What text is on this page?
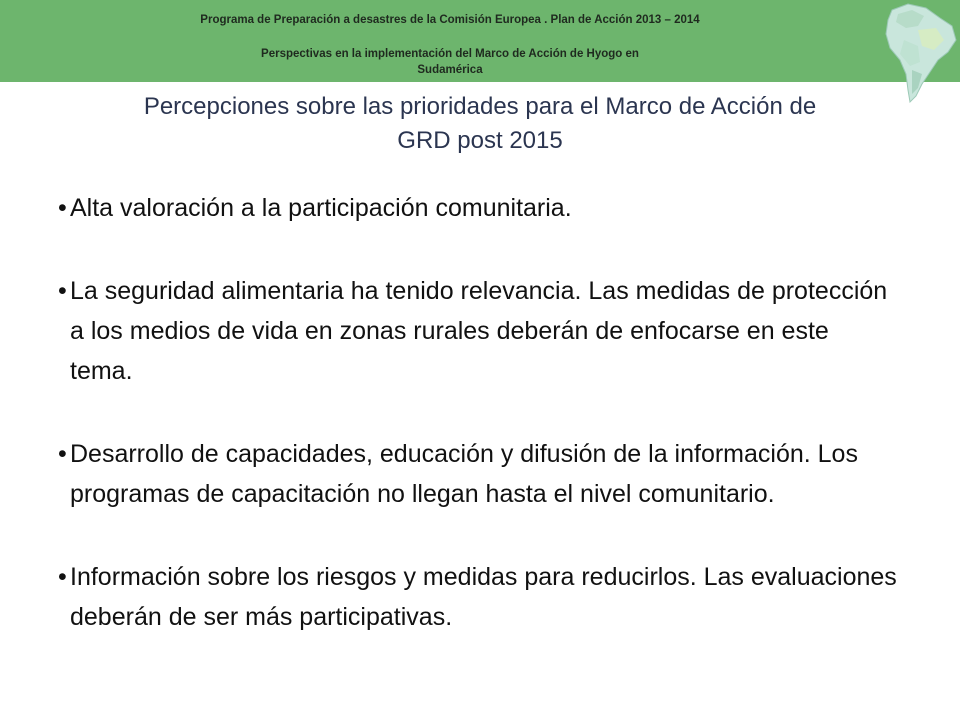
Programa de Preparación a desastres de la Comisión Europea . Plan de Acción 2013 – 2014
Perspectivas en la implementación del Marco de Acción de Hyogo en
Sudamérica
Percepciones sobre las prioridades para el Marco de Acción de
GRD post 2015
• Alta valoración a la participación comunitaria.
• La seguridad alimentaria ha tenido relevancia. Las medidas de protección a los medios de vida en zonas rurales deberán de enfocarse en este tema.
• Desarrollo de capacidades, educación y difusión de la información. Los programas de capacitación no llegan hasta el nivel comunitario.
• Información sobre los riesgos y medidas para reducirlos. Las evaluaciones deberán de ser más participativas.
